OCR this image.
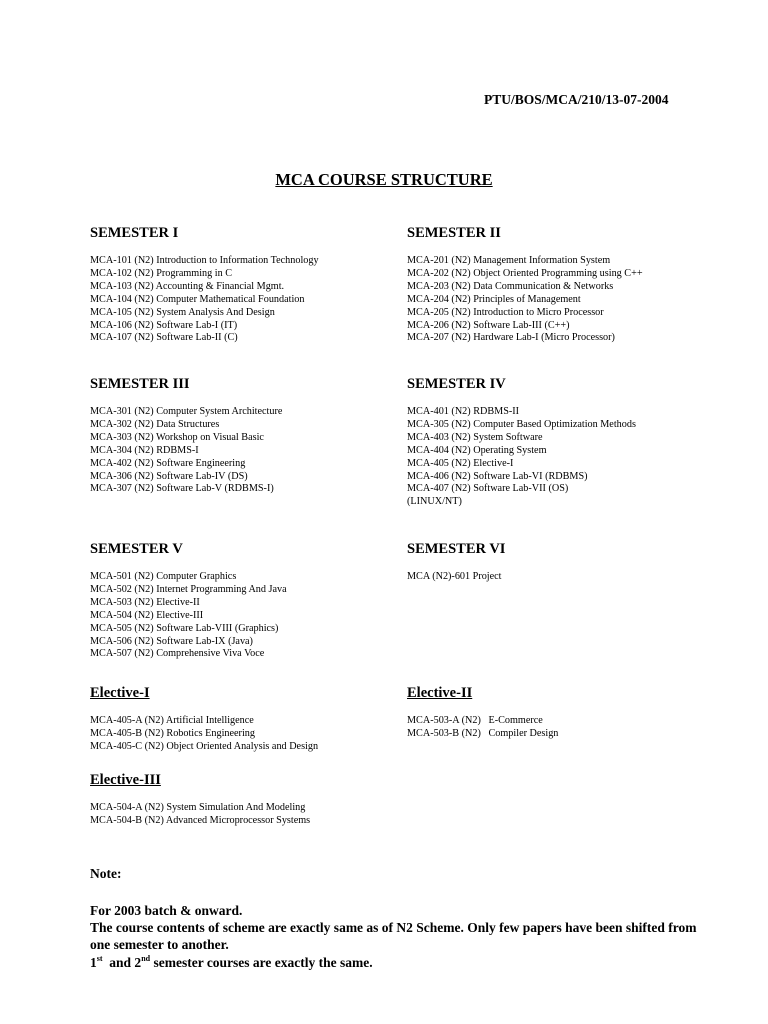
PTU/BOS/MCA/210/13-07-2004
MCA COURSE STRUCTURE
SEMESTER I
MCA-101 (N2) Introduction to Information Technology
MCA-102 (N2) Programming in C
MCA-103 (N2) Accounting & Financial Mgmt.
MCA-104 (N2) Computer Mathematical Foundation
MCA-105 (N2) System Analysis And Design
MCA-106 (N2) Software Lab-I (IT)
MCA-107 (N2) Software Lab-II (C)
SEMESTER II
MCA-201 (N2) Management Information System
MCA-202 (N2) Object Oriented Programming using C++
MCA-203 (N2) Data Communication & Networks
MCA-204 (N2) Principles of Management
MCA-205 (N2) Introduction to Micro Processor
MCA-206 (N2) Software Lab-III (C++)
MCA-207 (N2) Hardware Lab-I (Micro Processor)
SEMESTER III
MCA-301 (N2) Computer System Architecture
MCA-302 (N2) Data Structures
MCA-303 (N2) Workshop on Visual Basic
MCA-304 (N2) RDBMS-I
MCA-402 (N2) Software Engineering
MCA-306 (N2) Software Lab-IV (DS)
MCA-307 (N2) Software Lab-V (RDBMS-I)
SEMESTER IV
MCA-401 (N2) RDBMS-II
MCA-305 (N2) Computer Based Optimization Methods
MCA-403 (N2) System Software
MCA-404 (N2) Operating System
MCA-405 (N2) Elective-I
MCA-406 (N2) Software Lab-VI (RDBMS)
MCA-407 (N2) Software Lab-VII (OS)
(LINUX/NT)
SEMESTER V
MCA-501 (N2) Computer Graphics
MCA-502 (N2) Internet Programming And Java
MCA-503 (N2) Elective-II
MCA-504 (N2) Elective-III
MCA-505 (N2) Software Lab-VIII (Graphics)
MCA-506 (N2) Software Lab-IX (Java)
MCA-507 (N2) Comprehensive Viva Voce
SEMESTER VI
MCA (N2)-601 Project
Elective-I
MCA-405-A (N2) Artificial Intelligence
MCA-405-B (N2) Robotics Engineering
MCA-405-C (N2) Object Oriented Analysis and Design
Elective-II
MCA-503-A (N2)   E-Commerce
MCA-503-B (N2)   Compiler Design
Elective-III
MCA-504-A (N2) System Simulation And Modeling
MCA-504-B (N2) Advanced Microprocessor Systems
Note:

For 2003 batch & onward.

The course contents of scheme are exactly same as of N2 Scheme. Only few papers have been shifted from one semester to another.

1st and 2nd semester courses are exactly the same.
